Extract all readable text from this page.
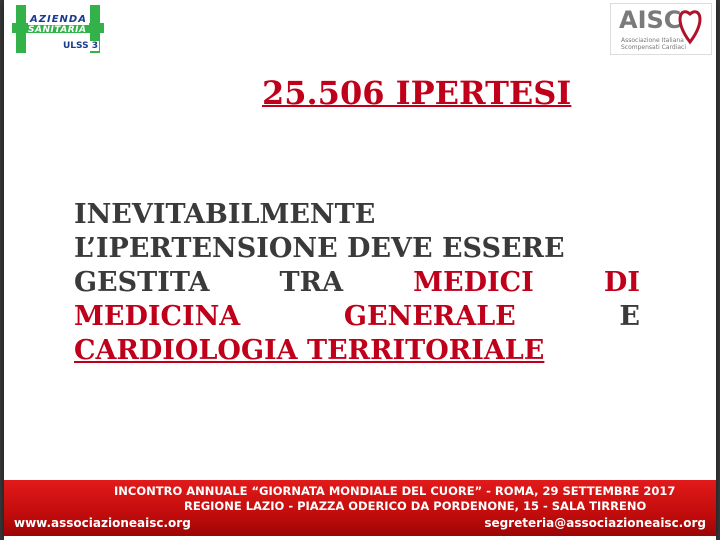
AZIENDA
SANITARIA
ULSS 3
AISC
Associazione Italiana Scompensati Cardiaci
25.506 IPERTESI
INEVITABILMENTE
L’IPERTENSIONE DEVE ESSERE
GESTITA	TRA	MEDICI	DI
MEDICINA	GENERALE	E
CARDIOLOGIA TERRITORIALE
INCONTRO ANNUALE “GIORNATA MONDIALE DEL CUORE” - ROMA, 29 SETTEMBRE 2017
REGIONE LAZIO - PIAZZA ODERICO DA PORDENONE, 15 - SALA TIRRENO
www.associazioneaisc.org	segreteria@associazioneaisc.org
